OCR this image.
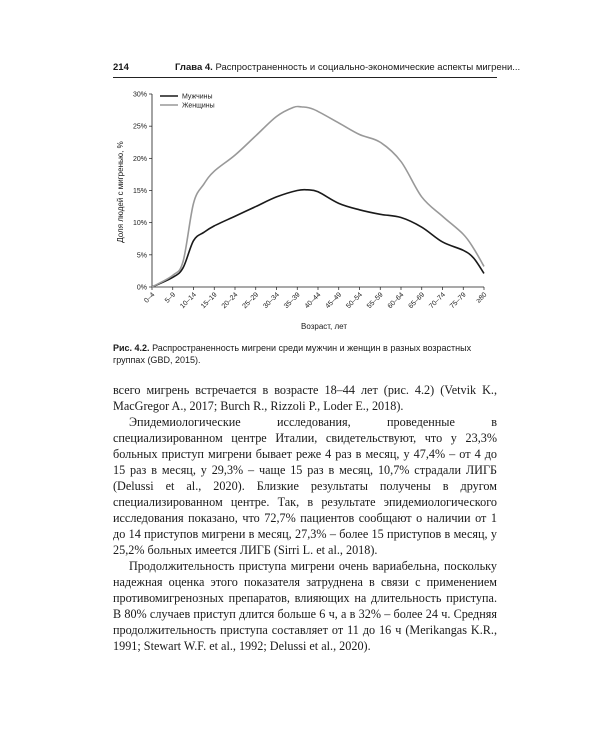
214	Глава 4. Распространенность и социально-экономические аспекты мигрени...
0%
5%
10%
15%
20%
25%
30%
0–4 5–9 10–14 15–19 20–24 25–29 30–34 35–39 40–44 45–49 50–54 55–59 60–64 65–69 70–74 75–79 ≥80
Мужчины
Женщины
Доля людей с мигренью, %
Возраст, лет
Рис. 4.2. Распространенность мигрени среди мужчин и женщин в разных возрастных группах (GBD, 2015).

всего мигрень встречается в возрасте 18–44 лет (рис. 4.2) (Vetvik K., MacGregor A., 2017; Burch R., Rizzoli P., Loder E., 2018).

Эпидемиологические исследования, проведенные в специализированном центре Италии, свидетельствуют, что у 23,3% больных приступ мигрени бывает реже 4 раз в месяц, у 47,4% – от 4 до 15 раз в месяц, у 29,3% – чаще 15 раз в месяц, 10,7% страдали ЛИГБ (Delussi et al., 2020). Близкие результаты получены в другом специализированном центре. Так, в результате эпидемиологического исследования показано, что 72,7% пациентов сообщают о наличии от 1 до 14 приступов мигрени в месяц, 27,3% – более 15 приступов в месяц, у 25,2% больных имеется ЛИГБ (Sirri L. et al., 2018).

Продолжительность приступа мигрени очень вариабельна, поскольку надежная оценка этого показателя затруднена в связи с применением противомигренозных препаратов, влияющих на длительность приступа. В 80% случаев приступ длится больше 6 ч, а в 32% – более 24 ч. Средняя продолжительность приступа составляет от 11 до 16 ч (Merikangas K.R., 1991; Stewart W.F. et al., 1992; Delussi et al., 2020).
